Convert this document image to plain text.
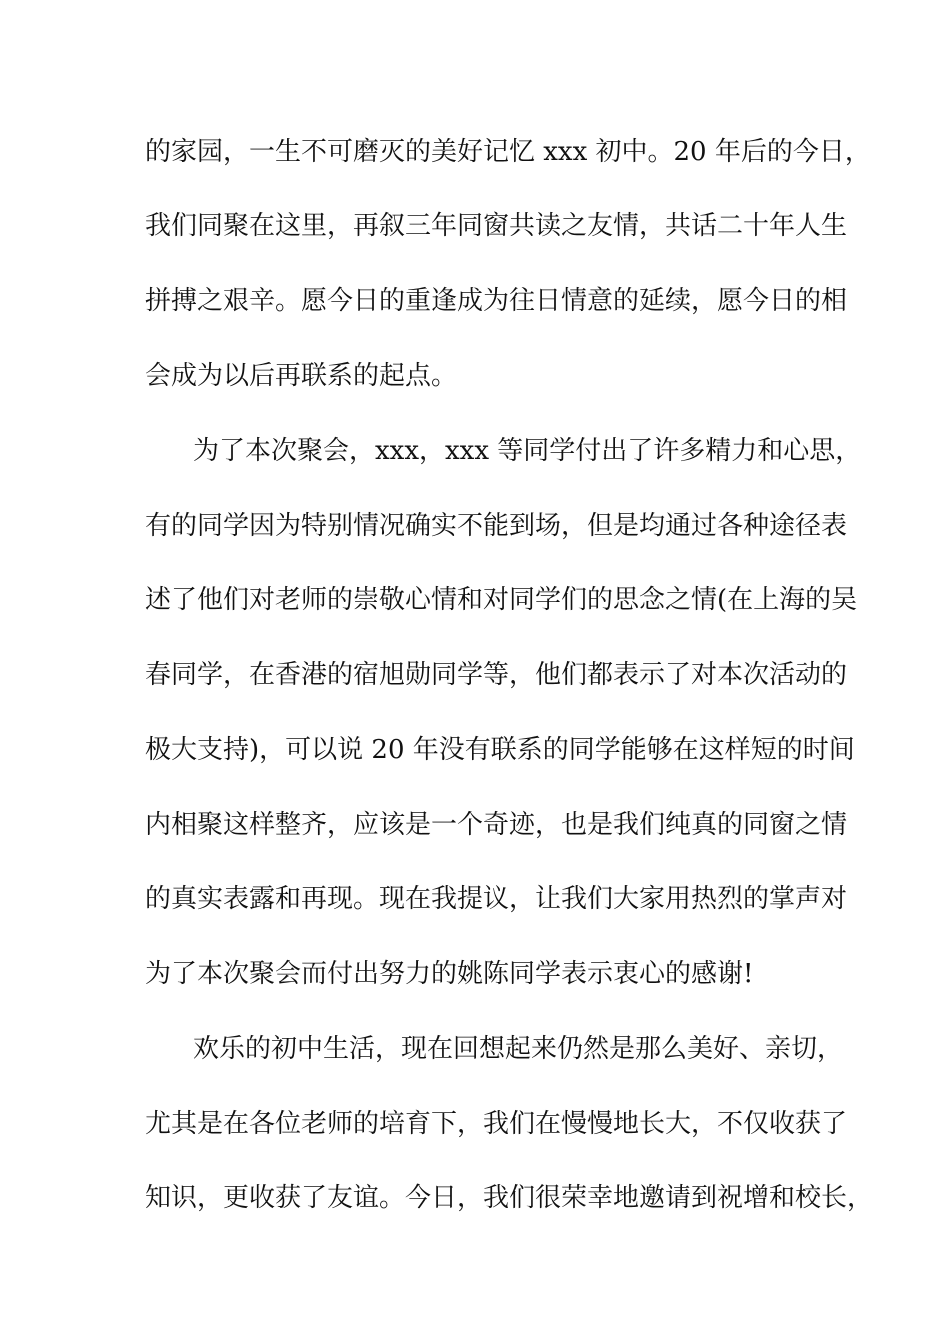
的家园，一生不可磨灭的美好记忆 xxx 初中。20 年后的今日，
我们同聚在这里，再叙三年同窗共读之友情，共话二十年人生
拼搏之艰辛。愿今日的重逢成为往日情意的延续，愿今日的相
会成为以后再联系的起点。
为了本次聚会，xxx，xxx 等同学付出了许多精力和心思，
有的同学因为特别情况确实不能到场，但是均通过各种途径表
述了他们对老师的崇敬心情和对同学们的思念之情(在上海的吴
春同学，在香港的宿旭勋同学等，他们都表示了对本次活动的
极大支持)，可以说 20 年没有联系的同学能够在这样短的时间
内相聚这样整齐，应该是一个奇迹，也是我们纯真的同窗之情
的真实表露和再现。现在我提议，让我们大家用热烈的掌声对
为了本次聚会而付出努力的姚陈同学表示衷心的感谢!
欢乐的初中生活，现在回想起来仍然是那么美好、亲切，
尤其是在各位老师的培育下，我们在慢慢地长大，不仅收获了
知识，更收获了友谊。今日，我们很荣幸地邀请到祝增和校长，
